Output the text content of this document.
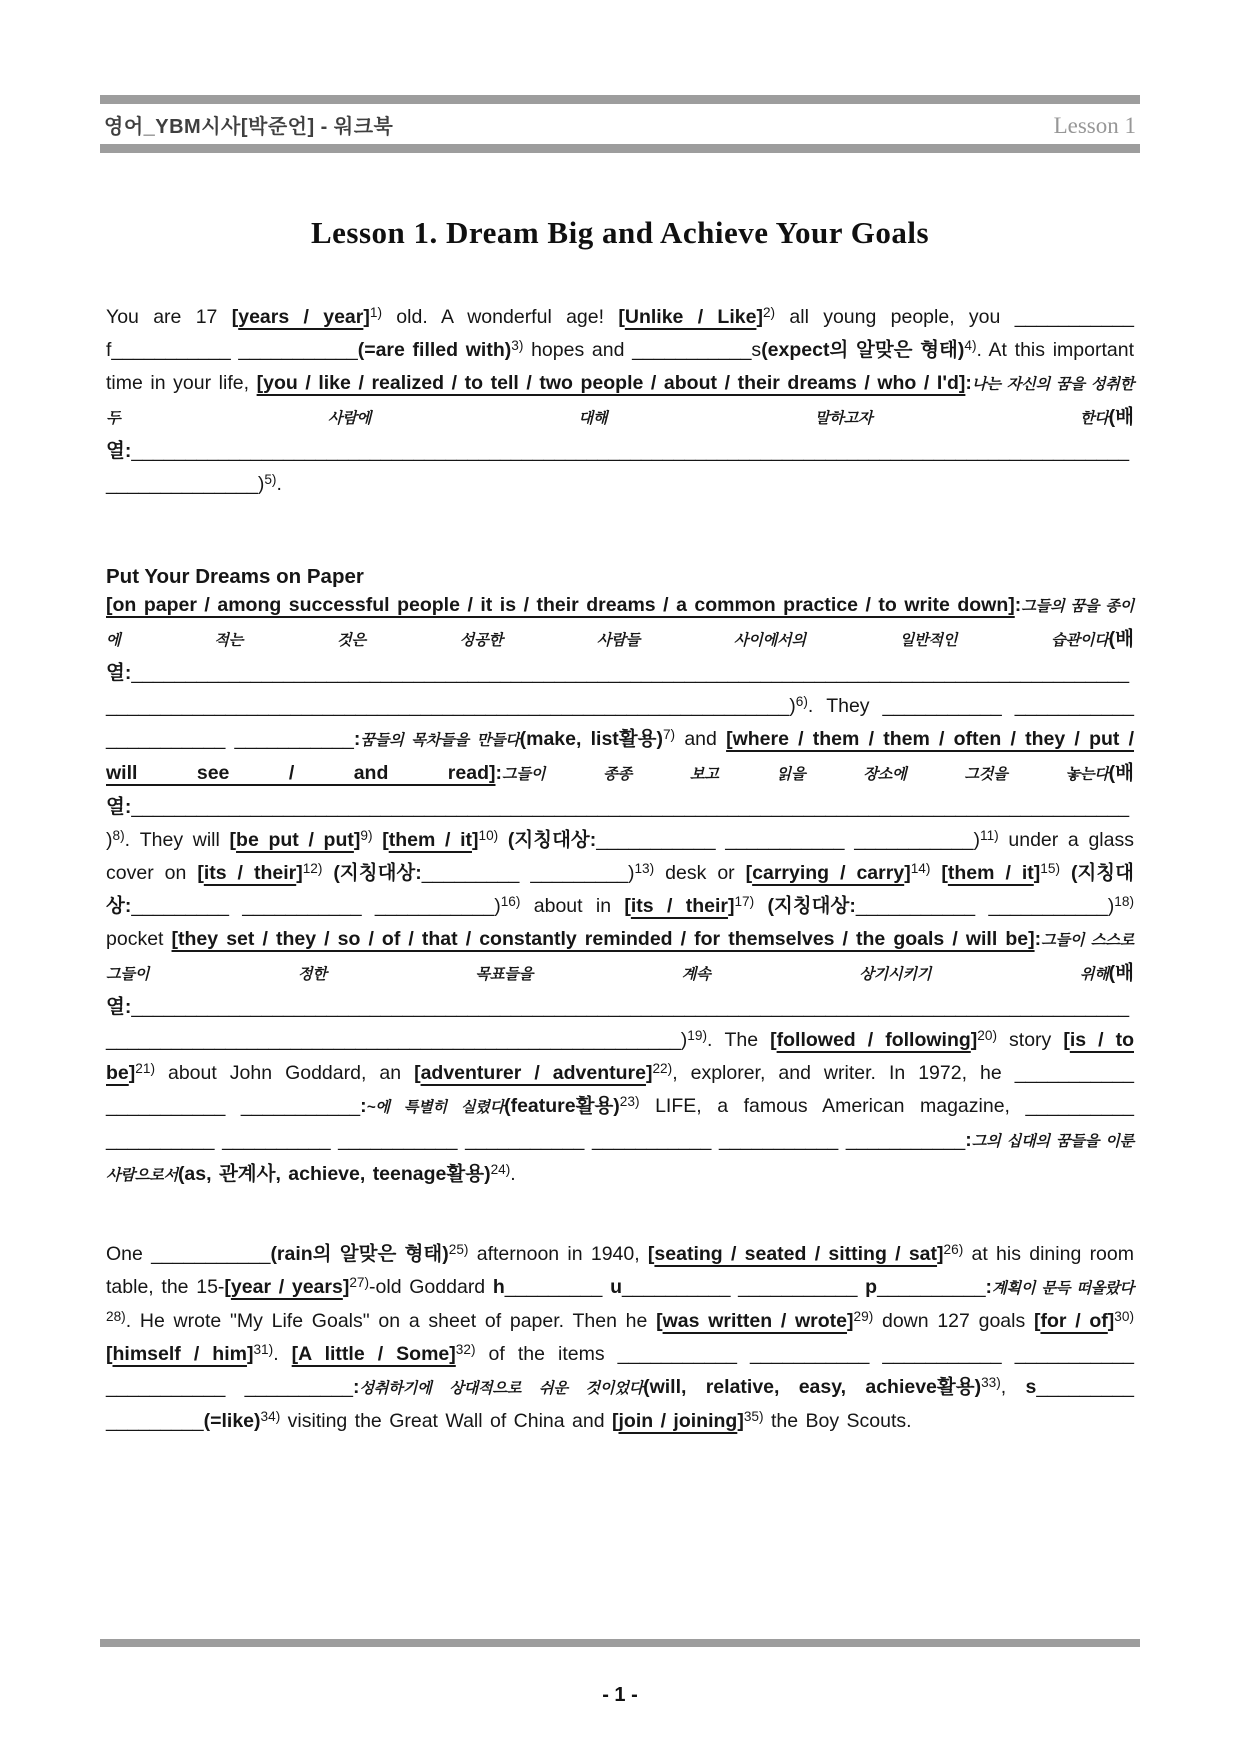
영어_YBM시사[박준언] - 워크북	Lesson 1
Lesson 1. Dream Big and Achieve Your Goals

You are 17 [years / year]$^{1)}$ old. A wonderful age! [Unlike / Like]$^{2)}$ all young people, you ___________ f___________ ___________(=are filled with)$^{3)}$ hopes and ___________s(expect의 알맞은 형태)$^{4)}$. At this important time in your life, [you / like / realized / to tell / two people / about / their dreams / who / I'd]:나는 자신의 꿈을 성취한 두 사람에 대해 말하고자 한다(배열:__________________________________________________________________________________________________________)$^{5)}$.

Put Your Dreams on Paper

[on paper / among successful people / it is / their dreams / a common practice / to write down]:그들의 꿈을 종이에 적는 것은 성공한 사람들 사이에서의 일반적인 습관이다(배열:___________________________________________________________________________________________________________________________________________________________)$^{6)}$. They ___________ ___________ ___________ ___________:꿈들의 목차들을 만들다(make, list활용)$^{7)}$ and [where / them / them / often / they / put / will see / and read]:그들이 종종 보고 읽을 장소에 그것을 놓는다(배열:____________________________________________________________________________________________)$^{8)}$. They will [be put / put]$^{9)}$ [them / it]$^{10)}$ (지칭대상:___________ ___________ ___________)$^{11)}$ under a glass cover on [its / their]$^{12)}$ (지칭대상:_________ _________)$^{13)}$ desk or [carrying / carry]$^{14)}$ [them / it]$^{15)}$ (지칭대상:_________ ___________ ___________)$^{16)}$ about in [its / their]$^{17)}$ (지칭대상:___________ ___________)$^{18)}$ pocket [they set / they / so / of / that / constantly reminded / for themselves / the goals / will be]:그들이 스스로 그들이 정한 목표들을 계속 상기시키기 위해(배열:_________________________________________________________________________________________________________________________________________________)$^{19)}$. The [followed / following]$^{20)}$ story [is / to be]$^{21)}$ about John Goddard, an [adventurer / adventure]$^{22)}$, explorer, and writer. In 1972, he ___________ ___________ ___________:~에 특별히 실렸다(feature활용)$^{23)}$ LIFE, a famous American magazine, __________ __________ __________ ___________ ___________ ___________ ___________ ___________:그의 십대의 꿈들을 이룬 사람으로서(as, 관계사, achieve, teenage활용)$^{24)}$.

One ___________(rain의 알맞은 형태)$^{25)}$ afternoon in 1940, [seating / seated / sitting / sat]$^{26)}$ at his dining room table, the 15-[year / years]$^{27)}$-old Goddard h_________ u__________ ___________ p__________:계획이 문득 떠올랐다$^{28)}$. He wrote "My Life Goals" on a sheet of paper. Then he [was written / wrote]$^{29)}$ down 127 goals [for / of]$^{30)}$ [himself / him]$^{31)}$. [A little / Some]$^{32)}$ of the items ___________ ___________ ___________ ___________ ___________ __________:성취하기에 상대적으로 쉬운 것이었다(will, relative, easy, achieve활용)$^{33)}$, s_________ _________(=like)$^{34)}$ visiting the Great Wall of China and [join / joining]$^{35)}$ the Boy Scouts.

- 1 -
